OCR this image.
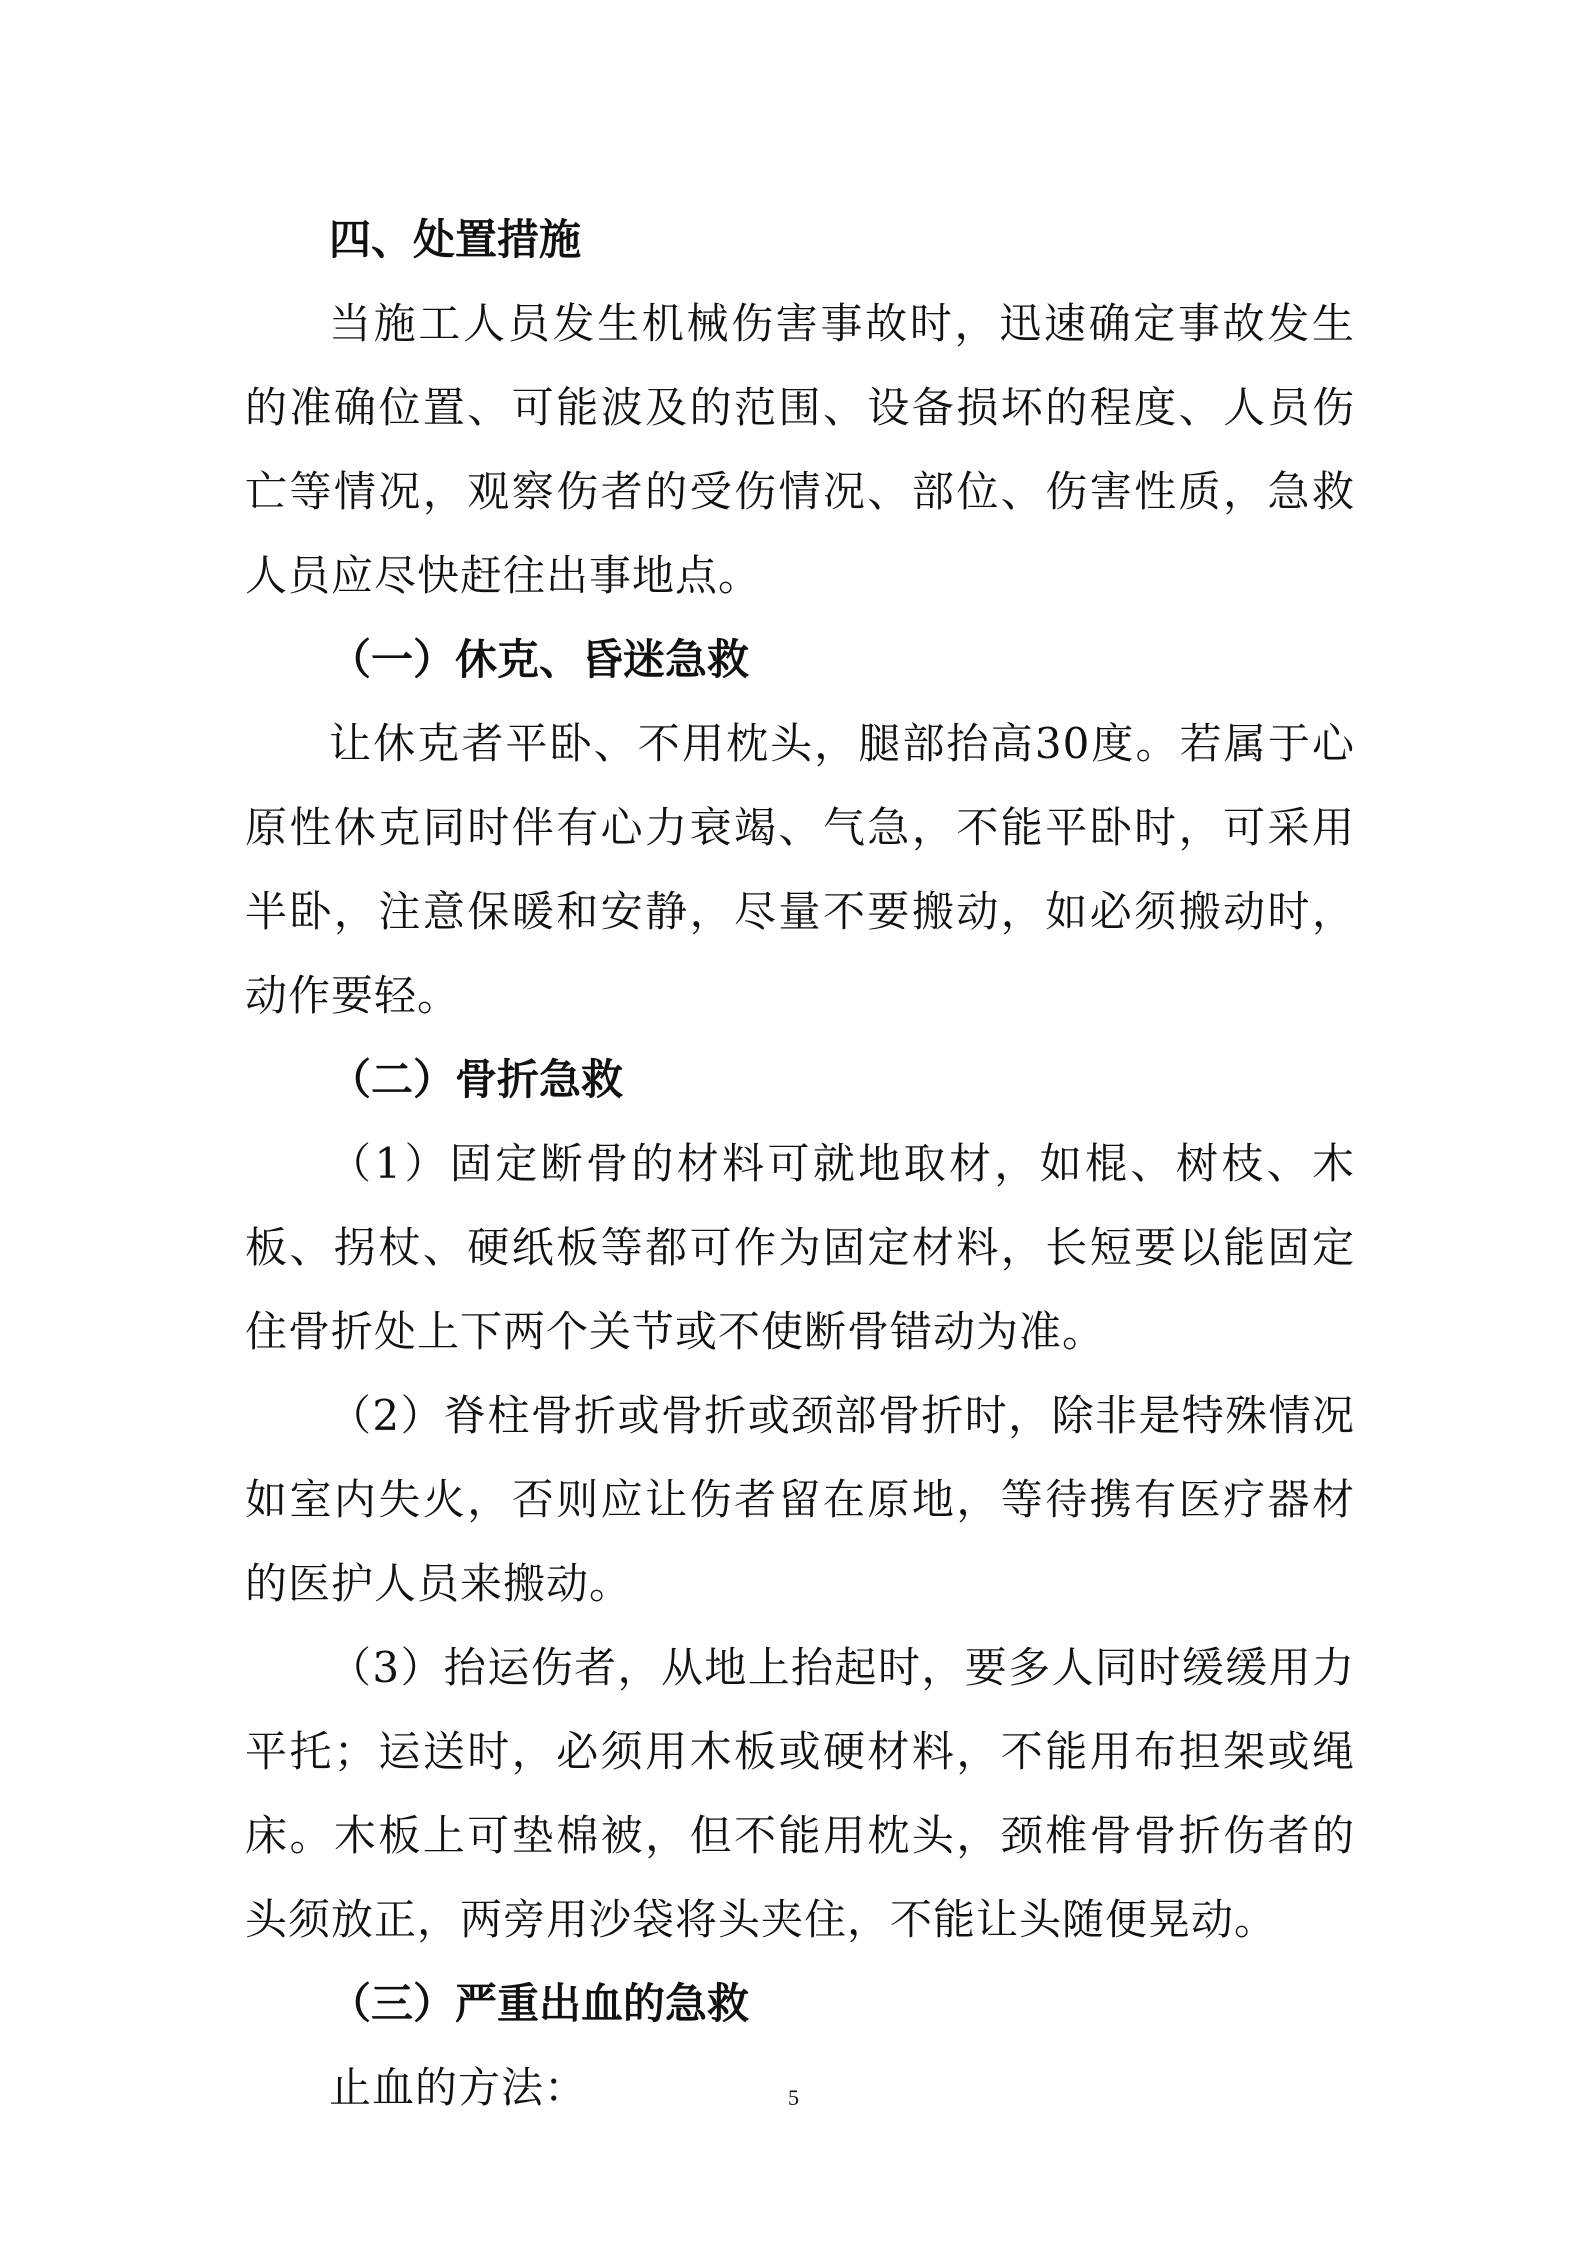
四、处置措施

当施工人员发生机械伤害事故时，迅速确定事故发生的准确位置、可能波及的范围、设备损坏的程度、人员伤亡等情况，观察伤者的受伤情况、部位、伤害性质，急救人员应尽快赶往出事地点。

（一）休克、昏迷急救

让休克者平卧、不用枕头，腿部抬高30度。若属于心原性休克同时伴有心力衰竭、气急，不能平卧时，可采用半卧，注意保暖和安静，尽量不要搬动，如必须搬动时，动作要轻。

（二）骨折急救

（1）固定断骨的材料可就地取材，如棍、树枝、木板、拐杖、硬纸板等都可作为固定材料，长短要以能固定住骨折处上下两个关节或不使断骨错动为准。

（2）脊柱骨折或骨折或颈部骨折时，除非是特殊情况如室内失火，否则应让伤者留在原地，等待携有医疗器材的医护人员来搬动。

（3）抬运伤者，从地上抬起时，要多人同时缓缓用力平托；运送时，必须用木板或硬材料，不能用布担架或绳床。木板上可垫棉被，但不能用枕头，颈椎骨骨折伤者的头须放正，两旁用沙袋将头夹住，不能让头随便晃动。

（三）严重出血的急救

止血的方法：	5
